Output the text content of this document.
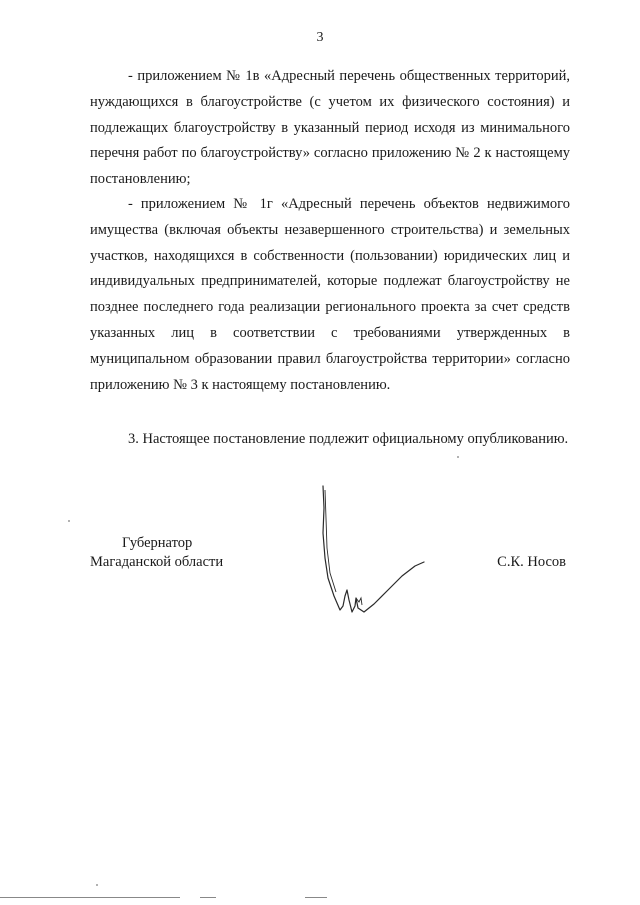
3

- приложением № 1в «Адресный перечень общественных территорий, нуждающихся в благоустройстве (с учетом их физического состояния) и подлежащих благоустройству в указанный период исходя из минимального перечня работ по благоустройству» согласно приложению № 2 к настоящему постановлению;

- приложением № 1г «Адресный перечень объектов недвижимого имущества (включая объекты незавершенного строительства) и земельных участков, находящихся в собственности (пользовании) юридических лиц и индивидуальных предпринимателей, которые подлежат благоустройству не позднее последнего года реализации регионального проекта за счет средств указанных лиц в соответствии с требованиями утвержденных в муниципальном образовании правил благоустройства территории» согласно приложению № 3 к настоящему постановлению.

3. Настоящее постановление подлежит официальному опубликованию.

Губернатор
Магаданской области	С.К. Носов
